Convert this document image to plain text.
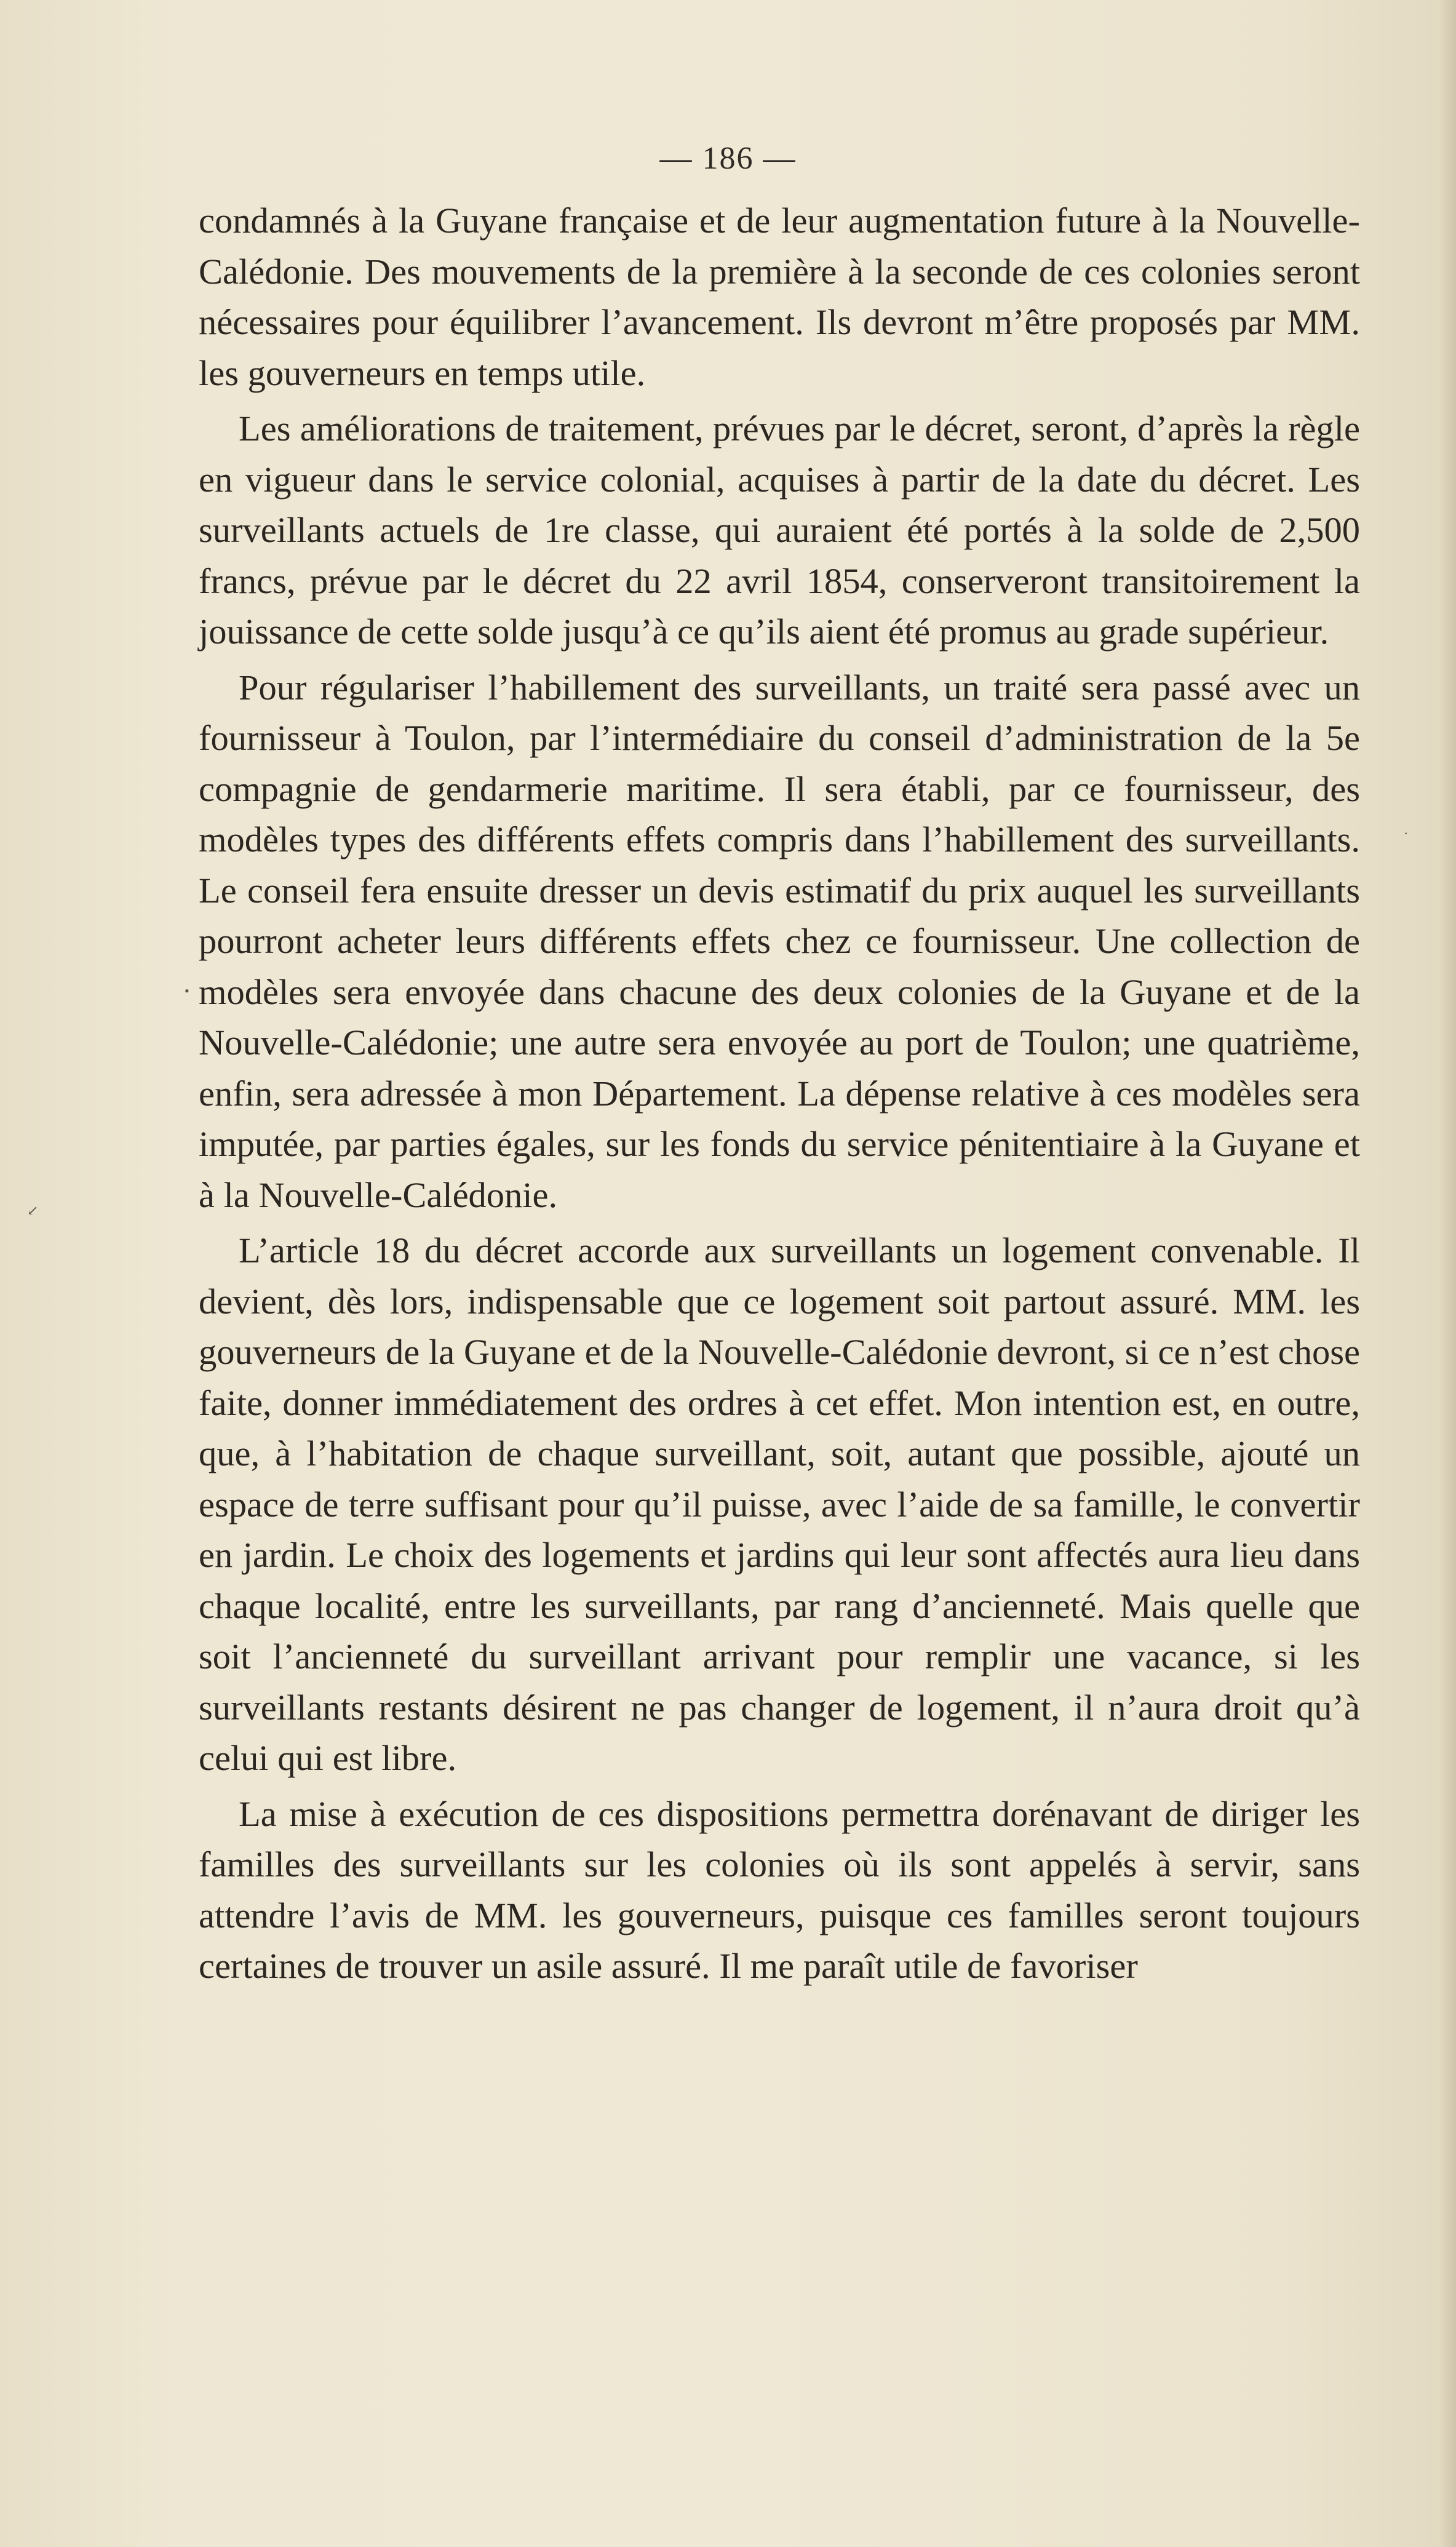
— 186 —

condamnés à la Guyane française et de leur augmentation future à la Nouvelle-Calédonie. Des mouvements de la première à la seconde de ces colonies seront nécessaires pour équilibrer l’avancement. Ils devront m’être proposés par MM. les gouverneurs en temps utile.

Les améliorations de traitement, prévues par le décret, seront, d’après la règle en vigueur dans le service colonial, acquises à partir de la date du décret. Les surveillants actuels de 1re classe, qui auraient été portés à la solde de 2,500 francs, prévue par le décret du 22 avril 1854, conserveront transitoirement la jouissance de cette solde jusqu’à ce qu’ils aient été promus au grade supérieur.

Pour régulariser l’habillement des surveillants, un traité sera passé avec un fournisseur à Toulon, par l’intermédiaire du conseil d’administration de la 5e compagnie de gendarmerie maritime. Il sera établi, par ce fournisseur, des modèles types des différents effets compris dans l’habillement des surveillants. Le conseil fera ensuite dresser un devis estimatif du prix auquel les surveillants pourront acheter leurs différents effets chez ce fournisseur. Une collection de modèles sera envoyée dans chacune des deux colonies de la Guyane et de la Nouvelle-Calédonie; une autre sera envoyée au port de Toulon; une quatrième, enfin, sera adressée à mon Département. La dépense relative à ces modèles sera imputée, par parties égales, sur les fonds du service pénitentiaire à la Guyane et à la Nouvelle-Calédonie.

L’article 18 du décret accorde aux surveillants un logement convenable. Il devient, dès lors, indispensable que ce logement soit partout assuré. MM. les gouverneurs de la Guyane et de la Nouvelle-Calédonie devront, si ce n’est chose faite, donner immédiatement des ordres à cet effet. Mon intention est, en outre, que, à l’habitation de chaque surveillant, soit, autant que possible, ajouté un espace de terre suffisant pour qu’il puisse, avec l’aide de sa famille, le convertir en jardin. Le choix des logements et jardins qui leur sont affectés aura lieu dans chaque localité, entre les surveillants, par rang d’ancienneté. Mais quelle que soit l’ancienneté du surveillant arrivant pour remplir une vacance, si les surveillants restants désirent ne pas changer de logement, il n’aura droit qu’à celui qui est libre.

La mise à exécution de ces dispositions permettra dorénavant de diriger les familles des surveillants sur les colonies où ils sont appelés à servir, sans attendre l’avis de MM. les gouverneurs, puisque ces familles seront toujours certaines de trouver un asile assuré. Il me paraît utile de favoriser

•
↙
·
